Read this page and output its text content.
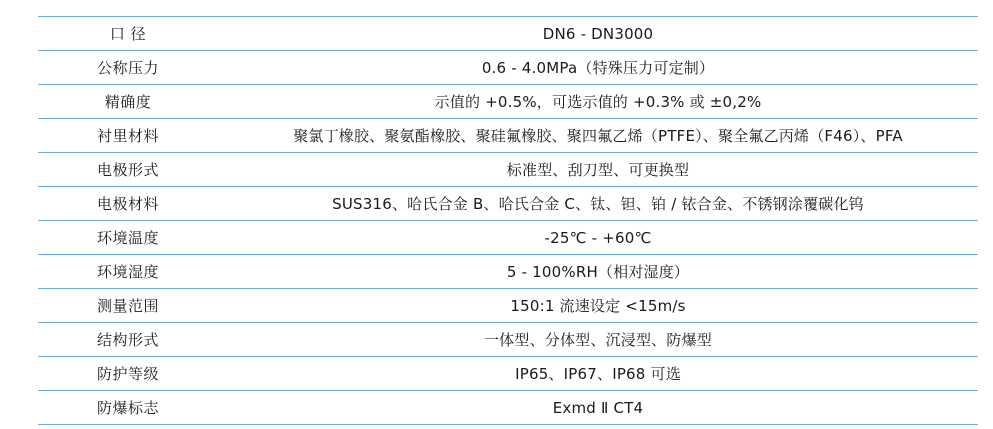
口 径	DN6 - DN3000
公称压力	0.6 - 4.0MPa（特殊压力可定制）
精确度	示值的 +0.5%，可选示值的 +0.3% 或 ±0,2%
衬里材料	聚氯丁橡胶、聚氨酯橡胶、聚硅氟橡胶、聚四氟乙烯（PTFE）、聚全氟乙丙烯（F46）、PFA
电极形式	标准型、刮刀型、可更换型
电极材料	SUS316、哈氏合金 B、哈氏合金 C、钛、钽、铂 / 铱合金、不锈钢涂覆碳化钨
环境温度	-25℃ - +60℃
环境湿度	5 - 100%RH（相对湿度）
测量范围	150:1 流速设定 <15m/s
结构形式	一体型、分体型、沉浸型、防爆型
防护等级	IP65、IP67、IP68 可选
防爆标志	Exmd Ⅱ CT4
